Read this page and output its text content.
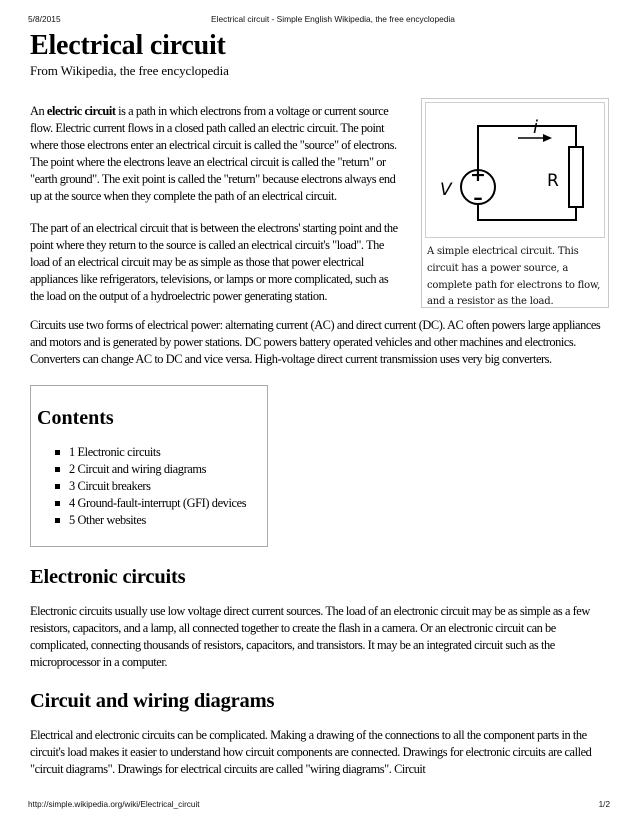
5/8/2015	Electrical circuit - Simple English Wikipedia, the free encyclopedia
Electrical circuit
From Wikipedia, the free encyclopedia
+
–
V
i
R
A simple electrical circuit. This circuit has a power source, a complete path for electrons to flow, and a resistor as the load.

An electric circuit is a path in which electrons from a voltage or current source flow. Electric current flows in a closed path called an electric circuit. The point where those electrons enter an electrical circuit is called the "source" of electrons. The point where the electrons leave an electrical circuit is called the "return" or "earth ground". The exit point is called the "return" because electrons always end up at the source when they complete the path of an electrical circuit.

The part of an electrical circuit that is between the electrons' starting point and the point where they return to the source is called an electrical circuit's "load". The load of an electrical circuit may be as simple as those that power electrical appliances like refrigerators, televisions, or lamps or more complicated, such as the load on the output of a hydroelectric power generating station.

Circuits use two forms of electrical power: alternating current (AC) and direct current (DC). AC often powers large appliances and motors and is generated by power stations. DC powers battery operated vehicles and other machines and electronics. Converters can change AC to DC and vice versa. High-voltage direct current transmission uses very big converters.

Contents
1 Electronic circuits
2 Circuit and wiring diagrams
3 Circuit breakers
4 Ground-fault-interrupt (GFI) devices
5 Other websites
Electronic circuits

Electronic circuits usually use low voltage direct current sources. The load of an electronic circuit may be as simple as a few resistors, capacitors, and a lamp, all connected together to create the flash in a camera. Or an electronic circuit can be complicated, connecting thousands of resistors, capacitors, and transistors. It may be an integrated circuit such as the microprocessor in a computer.

Circuit and wiring diagrams

Electrical and electronic circuits can be complicated. Making a drawing of the connections to all the component parts in the circuit's load makes it easier to understand how circuit components are connected. Drawings for electronic circuits are called "circuit diagrams". Drawings for electrical circuits are called "wiring diagrams". Circuit

http://simple.wikipedia.org/wiki/Electrical_circuit	1/2
